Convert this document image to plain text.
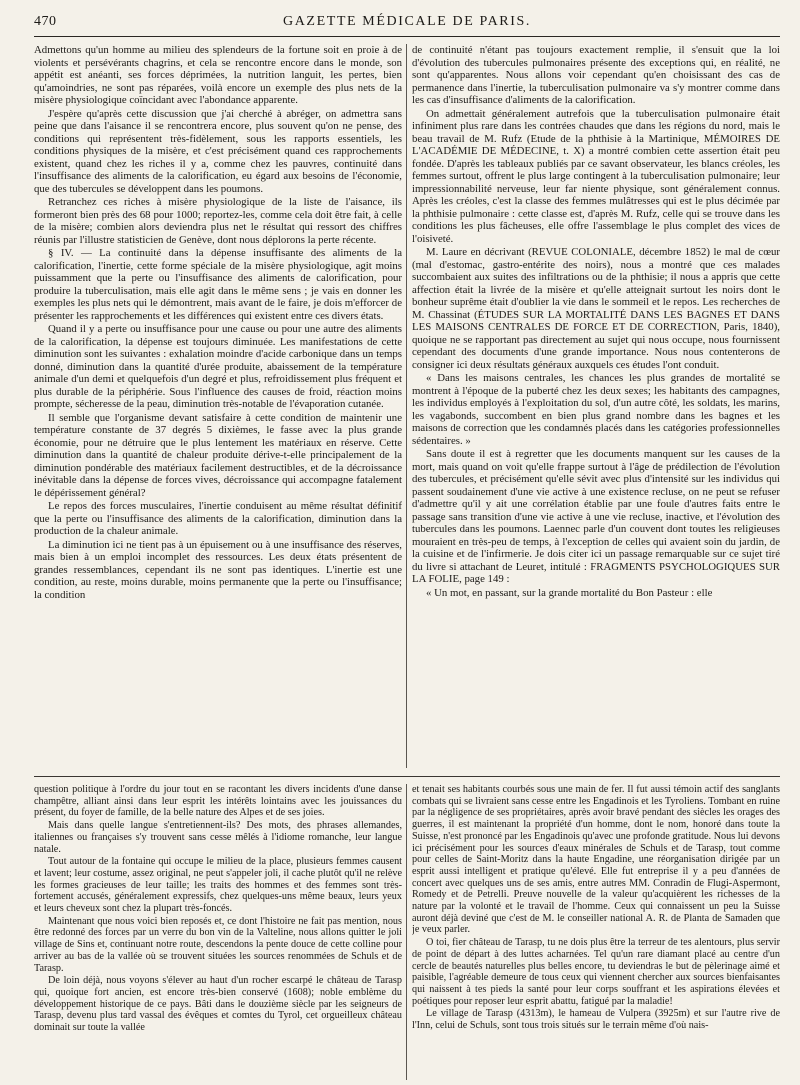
470	GAZETTE MÉDICALE DE PARIS.

Admettons qu'un homme au milieu des splendeurs de la fortune soit en proie à de violents et persévérants chagrins, et cela se rencontre encore dans le monde, son appétit est anéanti, ses forces déprimées, la nutrition languit, les pertes, bien qu'amoindries, ne sont pas réparées, voilà encore un exemple des plus nets de la misère physiologique coïncidant avec l'abondance apparente.

J'espère qu'après cette discussion que j'ai cherché à abréger, on admettra sans peine que dans l'aisance il se rencontrera encore, plus souvent qu'on ne pense, des conditions qui représentent très-fidèlement, sous les rapports essentiels, les conditions physiques de la misère, et c'est précisément quand ces rapprochements existent, quand chez les riches il y a, comme chez les pauvres, continuité dans l'insuffisance des aliments de la calorification, eu égard aux besoins de l'économie, que des tubercules se développent dans les poumons.

Retranchez ces riches à misère physiologique de la liste de l'aisance, ils formeront bien près des 68 pour 1000; reportez-les, comme cela doit être fait, à celle de la misère; combien alors deviendra plus net le résultat qui ressort des chiffres réunis par l'illustre statisticien de Genève, dont nous déplorons la perte récente.

§ IV. — La continuité dans la dépense insuffisante des aliments de la calorification, l'inertie, cette forme spéciale de la misère physiologique, agit moins puissamment que la perte ou l'insuffisance des aliments de calorification, pour produire la tuberculisation, mais elle agit dans le même sens ; je vais en donner les exemples les plus nets qui le démontrent, mais avant de le faire, je dois m'efforcer de présenter les rapprochements et les différences qui existent entre ces divers états.

Quand il y a perte ou insuffisance pour une cause ou pour une autre des aliments de la calorification, la dépense est toujours diminuée. Les manifestations de cette diminution sont les suivantes : exhalation moindre d'acide carbonique dans un temps donné, diminution dans la quantité d'urée produite, abaissement de la température animale d'un demi et quelquefois d'un degré et plus, refroidissement plus fréquent et plus durable de la périphérie. Sous l'influence des causes de froid, réaction moins prompte, sécheresse de la peau, diminution très-notable de l'évaporation cutanée.

Il semble que l'organisme devant satisfaire à cette condition de maintenir une température constante de 37 degrés 5 dixièmes, le fasse avec la plus grande économie, pour ne détruire que le plus lentement les matériaux en réserve. Cette diminution dans la quantité de chaleur produite dérive-t-elle principalement de la diminution pondérable des matériaux facilement destructibles, et de la décroissance inévitable dans la dépense de forces vives, décroissance qui accompagne fatalement le dépérissement général?

Le repos des forces musculaires, l'inertie conduisent au même résultat définitif que la perte ou l'insuffisance des aliments de la calorification, diminution dans la production de la chaleur animale.

La diminution ici ne tient pas à un épuisement ou à une insuffisance des réserves, mais bien à un emploi incomplet des ressources. Les deux états présentent de grandes ressemblances, cependant ils ne sont pas identiques. L'inertie est une condition, au reste, moins durable, moins permanente que la perte ou l'insuffisance; la condition

de continuité n'étant pas toujours exactement remplie, il s'ensuit que la loi d'évolution des tubercules pulmonaires présente des exceptions qui, en réalité, ne sont qu'apparentes. Nous allons voir cependant qu'en choisissant des cas de permanence dans l'inertie, la tuberculisation pulmonaire va s'y montrer comme dans les cas d'insuffisance d'aliments de la calorification.

On admettait généralement autrefois que la tuberculisation pulmonaire était infiniment plus rare dans les contrées chaudes que dans les régions du nord, mais le beau travail de M. Rufz (Etude de la phthisie à la Martinique, MÉMOIRES DE L'ACADÉMIE DE MÉDECINE, t. X) a montré combien cette assertion était peu fondée. D'après les tableaux publiés par ce savant observateur, les blancs créoles, les femmes surtout, offrent le plus large contingent à la tuberculisation pulmonaire; leur impressionnabilité nerveuse, leur far niente physique, sont généralement connus. Après les créoles, c'est la classe des femmes mulâtresses qui est le plus décimée par la phthisie pulmonaire : cette classe est, d'après M. Rufz, celle qui se trouve dans les conditions les plus fâcheuses, elle offre l'assemblage le plus complet des vices de l'oisiveté.

M. Laure en décrivant (REVUE COLONIALE, décembre 1852) le mal de cœur (mal d'estomac, gastro-entérite des noirs), nous a montré que ces malades succombaient aux suites des infiltrations ou de la phthisie; il nous a appris que cette affection était la livrée de la misère et qu'elle atteignait surtout les noirs dont le bonheur suprême était d'oublier la vie dans le sommeil et le repos. Les recherches de M. Chassinat (ÉTUDES SUR LA MORTALITÉ DANS LES BAGNES ET DANS LES MAISONS CENTRALES DE FORCE ET DE CORRECTION, Paris, 1840), quoique ne se rapportant pas directement au sujet qui nous occupe, nous fournissent cependant des documents d'une grande importance. Nous nous contenterons de consigner ici deux résultats généraux auxquels ces études l'ont conduit.

« Dans les maisons centrales, les chances les plus grandes de mortalité se montrent à l'époque de la puberté chez les deux sexes; les habitants des campagnes, les individus employés à l'exploitation du sol, d'un autre côté, les soldats, les marins, les vagabonds, succombent en bien plus grand nombre dans les bagnes et les maisons de correction que les condamnés placés dans les catégories professionnelles sédentaires. »

Sans doute il est à regretter que les documents manquent sur les causes de la mort, mais quand on voit qu'elle frappe surtout à l'âge de prédilection de l'évolution des tubercules, et précisément qu'elle sévit avec plus d'intensité sur les individus qui passent soudainement d'une vie active à une existence recluse, on ne peut se refuser d'admettre qu'il y ait une corrélation établie par une foule d'autres faits entre le passage sans transition d'une vie active à une vie recluse, inactive, et l'évolution des tubercules dans les poumons. Laennec parle d'un couvent dont toutes les religieuses mouraient en très-peu de temps, à l'exception de celles qui avaient soin du jardin, de la cuisine et de l'infirmerie. Je dois citer ici un passage remarquable sur ce sujet tiré du livre si attachant de Leuret, intitulé : FRAGMENTS PSYCHOLOGIQUES SUR LA FOLIE, page 149 :

« Un mot, en passant, sur la grande mortalité du Bon Pasteur : elle

question politique à l'ordre du jour tout en se racontant les divers incidents d'une danse champêtre, alliant ainsi dans leur esprit les intérêts lointains avec les jouissances du présent, du foyer de famille, de la belle nature des Alpes et de ses joies.

Mais dans quelle langue s'entretiennent-ils? Des mots, des phrases allemandes, italiennes ou françaises s'y trouvent sans cesse mêlés à l'idiome romanche, leur langue natale.

Tout autour de la fontaine qui occupe le milieu de la place, plusieurs femmes causent et lavent; leur costume, assez original, ne peut s'appeler joli, il cache plutôt qu'il ne relève les formes gracieuses de leur taille; les traits des hommes et des femmes sont très-fortement accusés, généralement expressifs, chez quelques-uns même beaux, leurs yeux et leurs cheveux sont chez la plupart très-foncés.

Maintenant que nous voici bien reposés et, ce dont l'histoire ne fait pas mention, nous être redonné des forces par un verre du bon vin de la Valteline, nous allons quitter le joli village de Sins et, continuant notre route, descendons la pente douce de cette colline pour arriver au bas de la vallée où se trouvent situées les sources renommées de Schuls et de Tarasp.

De loin déjà, nous voyons s'élever au haut d'un rocher escarpé le château de Tarasp qui, quoique fort ancien, est encore très-bien conservé (1608); noble emblème du développement historique de ce pays. Bâti dans le douzième siècle par les seigneurs de Tarasp, devenu plus tard vassal des évêques et comtes du Tyrol, cet orgueilleux château dominait sur toute la vallée

et tenait ses habitants courbés sous une main de fer. Il fut aussi témoin actif des sanglants combats qui se livraient sans cesse entre les Engadinois et les Tyroliens. Tombant en ruine par la négligence de ses propriétaires, après avoir bravé pendant des siècles les orages des guerres, il est maintenant la propriété d'un homme, dont le nom, honoré dans toute la Suisse, n'est prononcé par les Engadinois qu'avec une profonde gratitude. Nous lui devons ici précisément pour les sources d'eaux minérales de Schuls et de Tarasp, tout comme pour celles de Saint-Moritz dans la haute Engadine, une réorganisation dirigée par un esprit aussi intelligent et pratique qu'élevé. Elle fut entreprise il y a peu d'années de concert avec quelques uns de ses amis, entre autres MM. Conradin de Flugi-Aspermont, Romedy et de Petrelli. Preuve nouvelle de la valeur qu'acquièrent les richesses de la nature par la volonté et le travail de l'homme. Ceux qui connaissent un peu la Suisse auront déjà deviné que c'est de M. le conseiller national A. R. de Planta de Samaden que je veux parler.

O toi, fier château de Tarasp, tu ne dois plus être la terreur de tes alentours, plus servir de point de départ à des luttes acharnées. Tel qu'un rare diamant placé au centre d'un cercle de beautés naturelles plus belles encore, tu deviendras le but de pèlerinage aimé et paisible, l'agréable demeure de tous ceux qui viennent chercher aux sources bienfaisantes qui naissent à tes pieds la santé pour leur corps souffrant et les aspirations élevées et poétiques pour reposer leur esprit abattu, fatigué par la maladie!

Le village de Tarasp (4313m), le hameau de Vulpera (3925m) et sur l'autre rive de l'Inn, celui de Schuls, sont tous trois situés sur le terrain même d'où nais-
